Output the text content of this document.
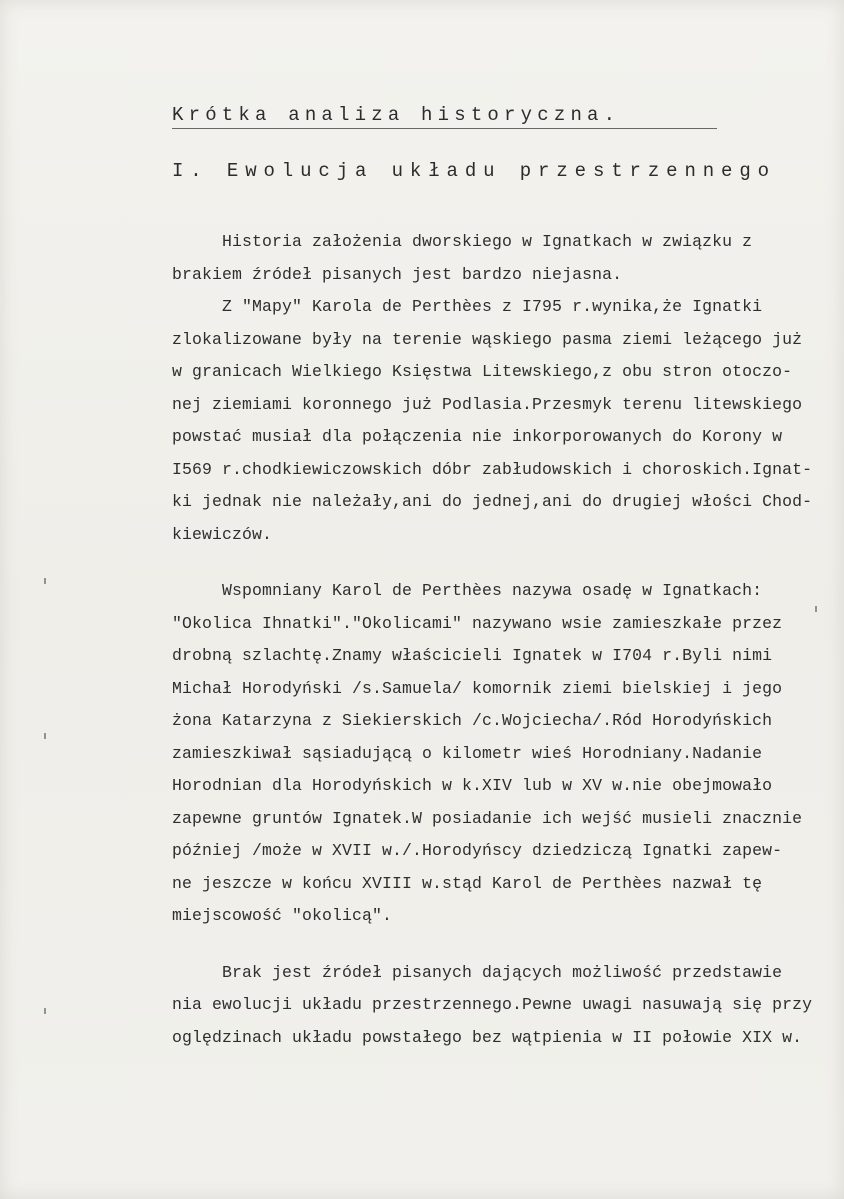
Krótka analiza historyczna.
I. Ewolucja układu przestrzennego
Historia założenia dworskiego w Ignatkach w związku z
brakiem źródeł pisanych jest bardzo niejasna.
Z "Mapy" Karola de Perthèes z I795 r.wynika,że Ignatki
zlokalizowane były na terenie wąskiego pasma ziemi leżącego już
w granicach Wielkiego Księstwa Litewskiego,z obu stron otoczo-
nej ziemiami koronnego już Podlasia.Przesmyk terenu litewskiego
powstać musiał dla połączenia nie inkorporowanych do Korony w
I569 r.chodkiewiczowskich dóbr zabłudowskich i choroskich.Ignat-
ki jednak nie należały,ani do jednej,ani do drugiej włości Chod-
kiewiczów.
Wspomniany Karol de Perthèes nazywa osadę w Ignatkach:
"Okolica Ihnatki"."Okolicami" nazywano wsie zamieszkałe przez
drobną szlachtę.Znamy właścicieli Ignatek w I704 r.Byli nimi
Michał Horodyński /s.Samuela/ komornik ziemi bielskiej i jego
żona Katarzyna z Siekierskich /c.Wojciecha/.Ród Horodyńskich
zamieszkiwał sąsiadującą o kilometr wieś Horodniany.Nadanie
Horodnian dla Horodyńskich w k.XIV lub w XV w.nie obejmowało
zapewne gruntów Ignatek.W posiadanie ich wejść musieli znacznie
później /może w XVII w./.Horodyńscy dziedziczą Ignatki zapew-
ne jeszcze w końcu XVIII w.stąd Karol de Perthèes nazwał tę
miejscowość "okolicą".
Brak jest źródeł pisanych dających możliwość przedstawie
nia ewolucji układu przestrzennego.Pewne uwagi nasuwają się przy
oględzinach układu powstałego bez wątpienia w II połowie XIX w.
